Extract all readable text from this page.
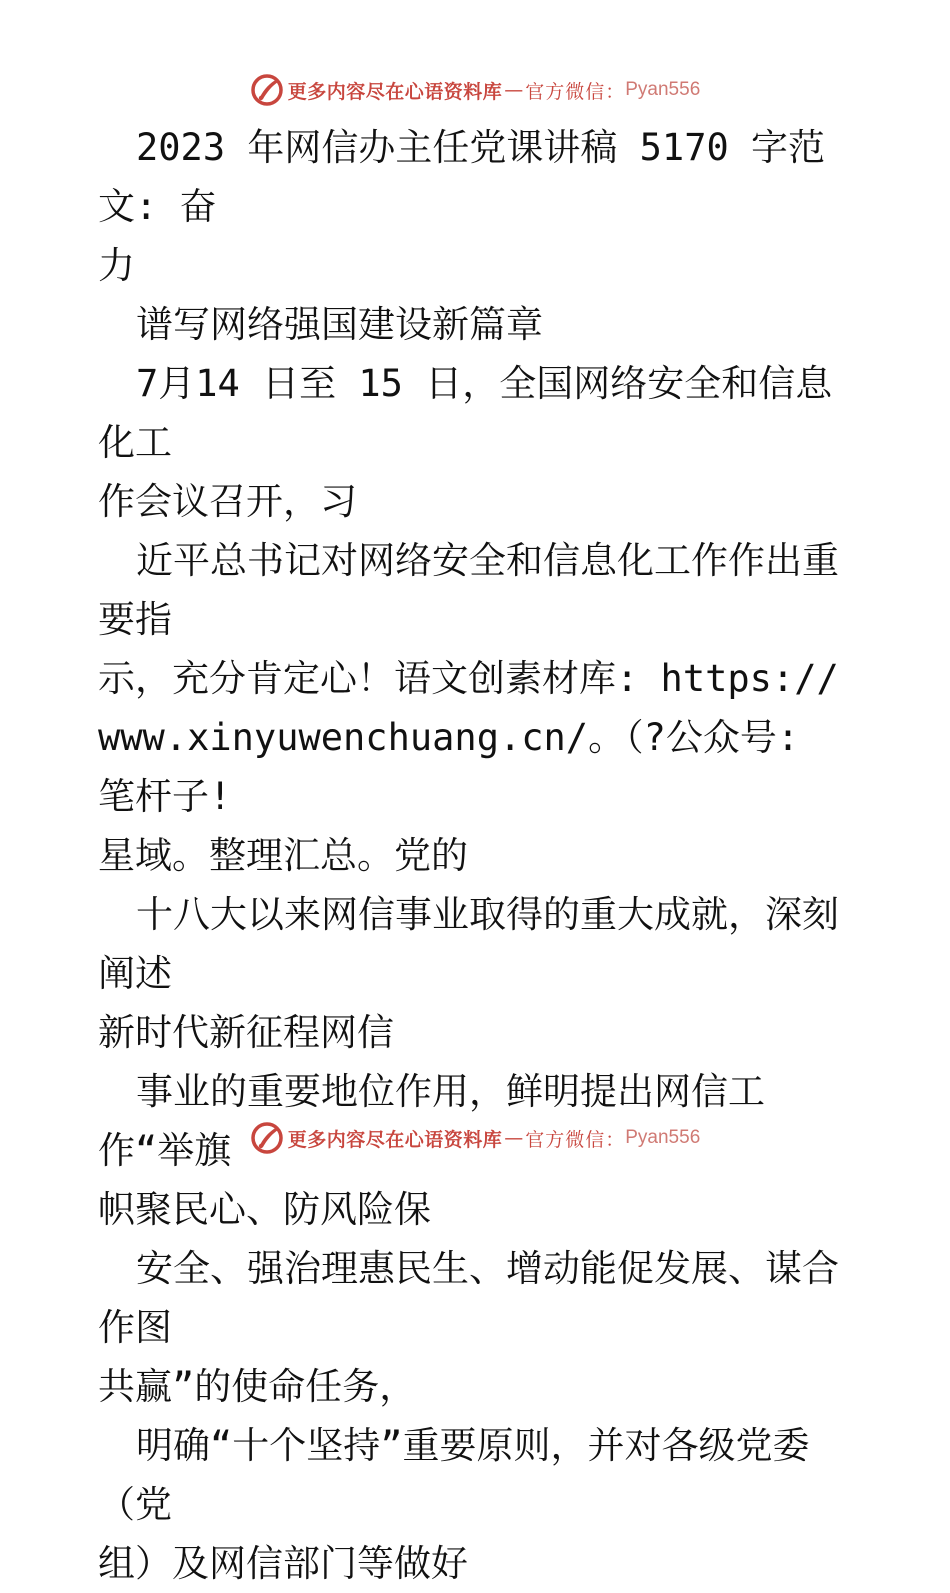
更多内容尽在心语资料库 — 官方微信： Pyan556

2023 年网信办主任党课讲稿 5170 字范文: 奋

力

谱写网络强国建设新篇章

7月14 日至 15 日，全国网络安全和信息化工

作会议召开，习

近平总书记对网络安全和信息化工作作出重要指

示，充分肯定心！语文创素材库: https://

www.xinyuwenchuang.cn/。（?公众号: 笔杆子!

星域。整理汇总。党的

十八大以来网信事业取得的重大成就，深刻阐述

新时代新征程网信

事业的重要地位作用，鲜明提出网信工作“举旗

帜聚民心、防风险保

安全、强治理惠民生、增动能促发展、谋合作图

共赢”的使命任务，

明确“十个坚持”重要原则，并对各级党委（党

组）及网信部门等做好

更多内容尽在心语资料库 — 官方微信： Pyan556
